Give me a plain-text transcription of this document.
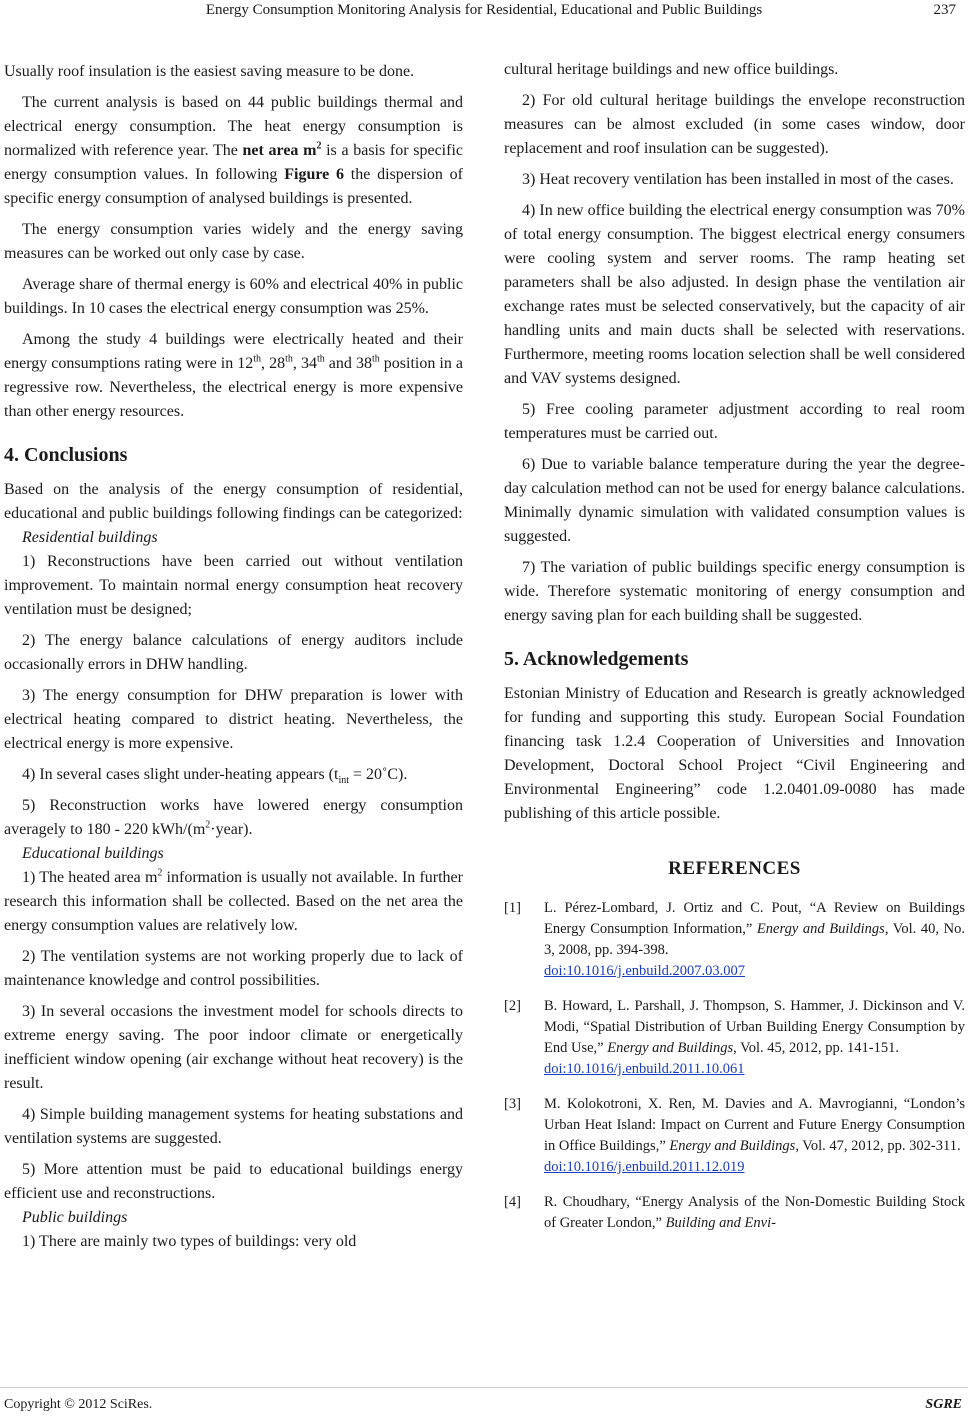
Energy Consumption Monitoring Analysis for Residential, Educational and Public Buildings	237

Usually roof insulation is the easiest saving measure to be done.

The current analysis is based on 44 public buildings thermal and electrical energy consumption. The heat energy consumption is normalized with reference year. The net area $m^2$ is a basis for specific energy consumption values. In following Figure 6 the dispersion of specific energy consumption of analysed buildings is presented.

The energy consumption varies widely and the energy saving measures can be worked out only case by case.

Average share of thermal energy is 60% and electrical 40% in public buildings. In 10 cases the electrical energy consumption was 25%.

Among the study 4 buildings were electrically heated and their energy consumptions rating were in 12th, 28th, 34th and 38th position in a regressive row. Nevertheless, the electrical energy is more expensive than other energy resources.

4. Conclusions

Based on the analysis of the energy consumption of residential, educational and public buildings following findings can be categorized:

Residential buildings

1) Reconstructions have been carried out without ventilation improvement. To maintain normal energy consumption heat recovery ventilation must be designed;

2) The energy balance calculations of energy auditors include occasionally errors in DHW handling.

3) The energy consumption for DHW preparation is lower with electrical heating compared to district heating. Nevertheless, the electrical energy is more expensive.

4) In several cases slight under-heating appears ($t_{int}$ = 20˚C).

5) Reconstruction works have lowered energy consumption averagely to 180 - 220 kWh/$(m^2\cdot year)$.

Educational buildings

1) The heated area $m^2$ information is usually not available. In further research this information shall be collected. Based on the net area the energy consumption values are relatively low.

2) The ventilation systems are not working properly due to lack of maintenance knowledge and control possibilities.

3) In several occasions the investment model for schools directs to extreme energy saving. The poor indoor climate or energetically inefficient window opening (air exchange without heat recovery) is the result.

4) Simple building management systems for heating substations and ventilation systems are suggested.

5) More attention must be paid to educational buildings energy efficient use and reconstructions.

Public buildings

1) There are mainly two types of buildings: very old

cultural heritage buildings and new office buildings.

2) For old cultural heritage buildings the envelope reconstruction measures can be almost excluded (in some cases window, door replacement and roof insulation can be suggested).

3) Heat recovery ventilation has been installed in most of the cases.

4) In new office building the electrical energy consumption was 70% of total energy consumption. The biggest electrical energy consumers were cooling system and server rooms. The ramp heating set parameters shall be also adjusted. In design phase the ventilation air exchange rates must be selected conservatively, but the capacity of air handling units and main ducts shall be selected with reservations. Furthermore, meeting rooms location selection shall be well considered and VAV systems designed.

5) Free cooling parameter adjustment according to real room temperatures must be carried out.

6) Due to variable balance temperature during the year the degree-day calculation method can not be used for energy balance calculations. Minimally dynamic simulation with validated consumption values is suggested.

7) The variation of public buildings specific energy consumption is wide. Therefore systematic monitoring of energy consumption and energy saving plan for each building shall be suggested.

5. Acknowledgements

Estonian Ministry of Education and Research is greatly acknowledged for funding and supporting this study. European Social Foundation financing task 1.2.4 Cooperation of Universities and Innovation Development, Doctoral School Project “Civil Engineering and Environmental Engineering” code 1.2.0401.09-0080 has made publishing of this article possible.

REFERENCES
[1]	L. Pérez-Lombard, J. Ortiz and C. Pout, “A Review on Buildings Energy Consumption Information,” Energy and Buildings, Vol. 40, No. 3, 2008, pp. 394-398.
doi:10.1016/j.enbuild.2007.03.007
[2]	B. Howard, L. Parshall, J. Thompson, S. Hammer, J. Dickinson and V. Modi, “Spatial Distribution of Urban Building Energy Consumption by End Use,” Energy and Buildings, Vol. 45, 2012, pp. 141-151.
doi:10.1016/j.enbuild.2011.10.061
[3]	M. Kolokotroni, X. Ren, M. Davies and A. Mavrogianni, “London’s Urban Heat Island: Impact on Current and Future Energy Consumption in Office Buildings,” Energy and Buildings, Vol. 47, 2012, pp. 302-311.
doi:10.1016/j.enbuild.2011.12.019
[4]	R. Choudhary, “Energy Analysis of the Non-Domestic Building Stock of Greater London,” Building and Envi-
Copyright © 2012 SciRes.	SGRE
